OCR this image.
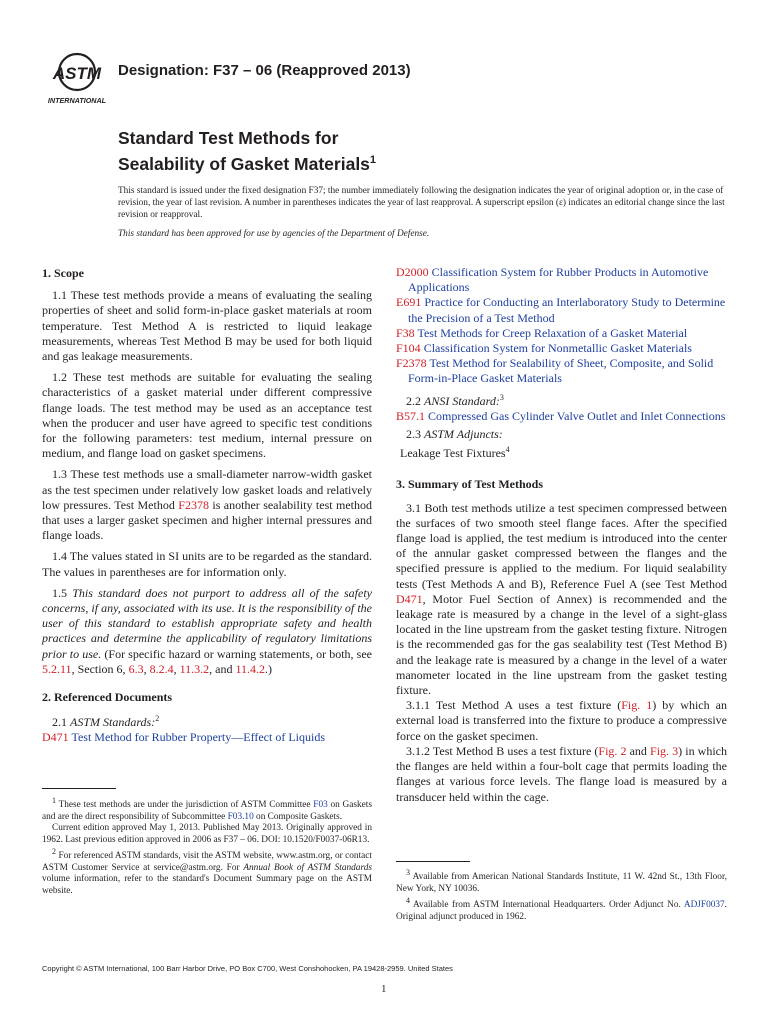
ASTM
INTERNATIONAL
Designation: F37 – 06 (Reapproved 2013)
Standard Test Methods for
Sealability of Gasket Materials$^1$
This standard is issued under the fixed designation F37; the number immediately following the designation indicates the year of original adoption or, in the case of revision, the year of last revision. A number in parentheses indicates the year of last reapproval. A superscript epsilon (ε) indicates an editorial change since the last revision or reapproval.
This standard has been approved for use by agencies of the Department of Defense.

1. Scope

1.1 These test methods provide a means of evaluating the sealing properties of sheet and solid form-in-place gasket materials at room temperature. Test Method A is restricted to liquid leakage measurements, whereas Test Method B may be used for both liquid and gas leakage measurements.

1.2 These test methods are suitable for evaluating the sealing characteristics of a gasket material under different compressive flange loads. The test method may be used as an acceptance test when the producer and user have agreed to specific test conditions for the following parameters: test medium, internal pressure on medium, and flange load on gasket specimens.

1.3 These test methods use a small-diameter narrow-width gasket as the test specimen under relatively low gasket loads and relatively low pressures. Test Method F2378 is another sealability test method that uses a larger gasket specimen and higher internal pressures and flange loads.

1.4 The values stated in SI units are to be regarded as the standard. The values in parentheses are for information only.

1.5 This standard does not purport to address all of the safety concerns, if any, associated with its use. It is the responsibility of the user of this standard to establish appropriate safety and health practices and determine the applicability of regulatory limitations prior to use. (For specific hazard or warning statements, or both, see 5.2.11, Section 6, 6.3, 8.2.4, 11.3.2, and 11.4.2.)

2. Referenced Documents

2.1 ASTM Standards:$^2$

D471 Test Method for Rubber Property—Effect of Liquids

$^1$ These test methods are under the jurisdiction of ASTM Committee F03 on Gaskets and are the direct responsibility of Subcommittee F03.10 on Composite Gaskets.

Current edition approved May 1, 2013. Published May 2013. Originally approved in 1962. Last previous edition approved in 2006 as F37 – 06. DOI: 10.1520/F0037-06R13.

$^2$ For referenced ASTM standards, visit the ASTM website, www.astm.org, or contact ASTM Customer Service at service@astm.org. For Annual Book of ASTM Standards volume information, refer to the standard's Document Summary page on the ASTM website.

D2000 Classification System for Rubber Products in Automotive Applications

E691 Practice for Conducting an Interlaboratory Study to Determine the Precision of a Test Method

F38 Test Methods for Creep Relaxation of a Gasket Material

F104 Classification System for Nonmetallic Gasket Materials

F2378 Test Method for Sealability of Sheet, Composite, and Solid Form-in-Place Gasket Materials

2.2 ANSI Standard:$^3$

B57.1 Compressed Gas Cylinder Valve Outlet and Inlet Connections

2.3 ASTM Adjuncts:

Leakage Test Fixtures$^4$

3. Summary of Test Methods

3.1 Both test methods utilize a test specimen compressed between the surfaces of two smooth steel flange faces. After the specified flange load is applied, the test medium is introduced into the center of the annular gasket compressed between the flanges and the specified pressure is applied to the medium. For liquid sealability tests (Test Methods A and B), Reference Fuel A (see Test Method D471, Motor Fuel Section of Annex) is recommended and the leakage rate is measured by a change in the level of a sight-glass located in the line upstream from the gasket testing fixture. Nitrogen is the recommended gas for the gas sealability test (Test Method B) and the leakage rate is measured by a change in the level of a water manometer located in the line upstream from the gasket testing fixture.

3.1.1 Test Method A uses a test fixture (Fig. 1) by which an external load is transferred into the fixture to produce a compressive force on the gasket specimen.

3.1.2 Test Method B uses a test fixture (Fig. 2 and Fig. 3) in which the flanges are held within a four-bolt cage that permits loading the flanges at various force levels. The flange load is measured by a transducer held within the cage.

$^3$ Available from American National Standards Institute, 11 W. 42nd St., 13th Floor, New York, NY 10036.

$^4$ Available from ASTM International Headquarters. Order Adjunct No. ADJF0037. Original adjunct produced in 1962.

Copyright © ASTM International, 100 Barr Harbor Drive, PO Box C700, West Conshohocken, PA 19428-2959. United States
1
